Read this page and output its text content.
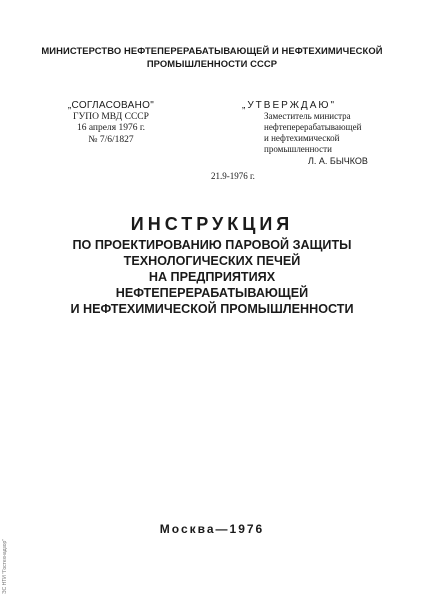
МИНИСТЕРСТВО НЕФТЕПЕРЕРАБАТЫВАЮЩЕЙ И НЕФТЕХИМИЧЕСКОЙ
ПРОМЫШЛЕННОСТИ СССР
„СОГЛАСОВАНО"
ГУПО МВД СССР
16 апреля 1976 г.
№ 7/6/1827
„УТВЕРЖДАЮ"
Заместитель министра
нефтеперерабатывающей
и нефтехимической
промышленности
Л. А. БЫЧКОВ
21.9-1976 г.
ИНСТРУКЦИЯ
ПО ПРОЕКТИРОВАНИЮ ПАРОВОЙ ЗАЩИТЫ
ТЕХНОЛОГИЧЕСКИХ ПЕЧЕЙ
НА ПРЕДПРИЯТИЯХ
НЕФТЕПЕРЕРАБАТЫВАЮЩЕЙ
И НЕФТЕХИМИЧЕСКОЙ ПРОМЫШЛЕННОСТИ
Москва—1976
ЭС НТИ "Гостехнадзор"
